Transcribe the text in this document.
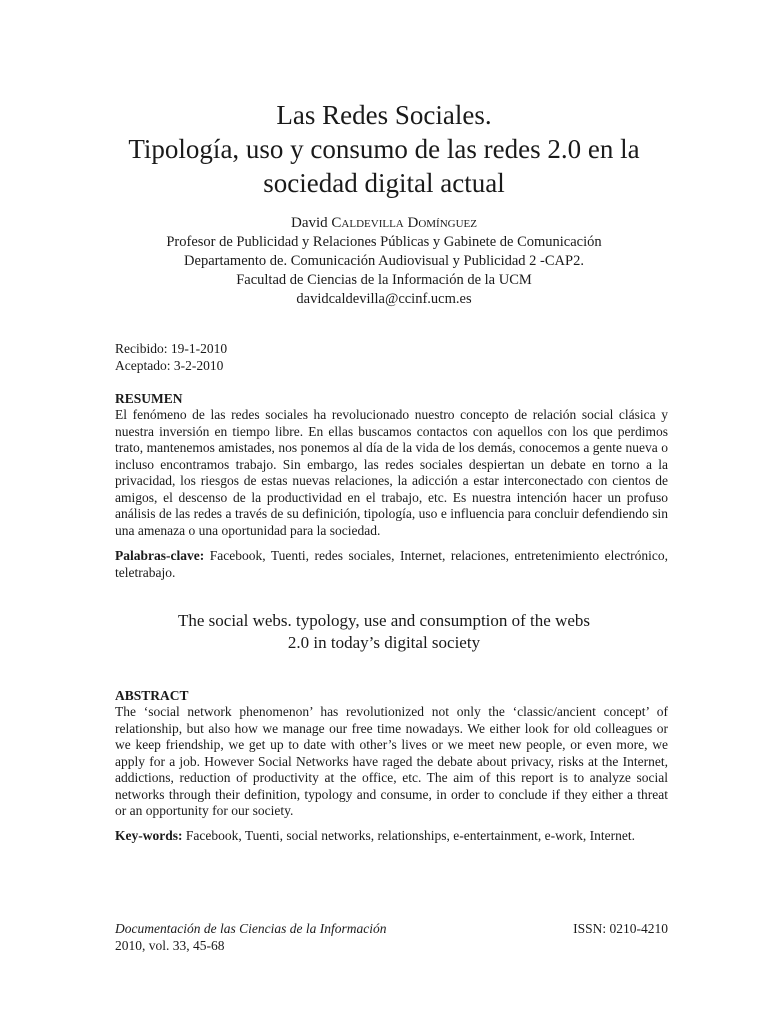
Las Redes Sociales.
Tipología, uso y consumo de las redes 2.0 en la
sociedad digital actual
David Caldevilla Domínguez
Profesor de Publicidad y Relaciones Públicas y Gabinete de Comunicación
Departamento de. Comunicación Audiovisual y Publicidad 2 -CAP2.
Facultad de Ciencias de la Información de la UCM
davidcaldevilla@ccinf.ucm.es
Recibido: 19-1-2010
Aceptado: 3-2-2010
RESUMEN
El fenómeno de las redes sociales ha revolucionado nuestro concepto de relación social clásica y nuestra inversión en tiempo libre. En ellas buscamos contactos con aquellos con los que perdimos trato, mantenemos amistades, nos ponemos al día de la vida de los demás, conocemos a gente nueva o incluso encontramos trabajo. Sin embargo, las redes sociales despiertan un debate en torno a la privacidad, los riesgos de estas nuevas relaciones, la adicción a estar interconectado con cientos de amigos, el descenso de la productividad en el trabajo, etc. Es nuestra intención hacer un profuso análisis de las redes a través de su definición, tipología, uso e influencia para concluir defendiendo sin una amenaza o una oportunidad para la sociedad.
Palabras-clave: Facebook, Tuenti, redes sociales, Internet, relaciones, entretenimiento electrónico, teletrabajo.
The social webs. typology, use and consumption of the webs
2.0 in today’s digital society
ABSTRACT
The ‘social network phenomenon’ has revolutionized not only the ‘classic/ancient concept’ of relationship, but also how we manage our free time nowadays. We either look for old colleagues or we keep friendship, we get up to date with other’s lives or we meet new people, or even more, we apply for a job. However Social Networks have raged the debate about privacy, risks at the Internet, addictions, reduction of productivity at the office, etc. The aim of this report is to analyze social networks through their definition, typology and consume, in order to conclude if they either a threat or an opportunity for our society.
Key-words: Facebook, Tuenti, social networks, relationships, e-entertainment, e-work, Internet.
Documentación de las Ciencias de la Información
2010, vol. 33, 45-68
ISSN: 0210-4210
